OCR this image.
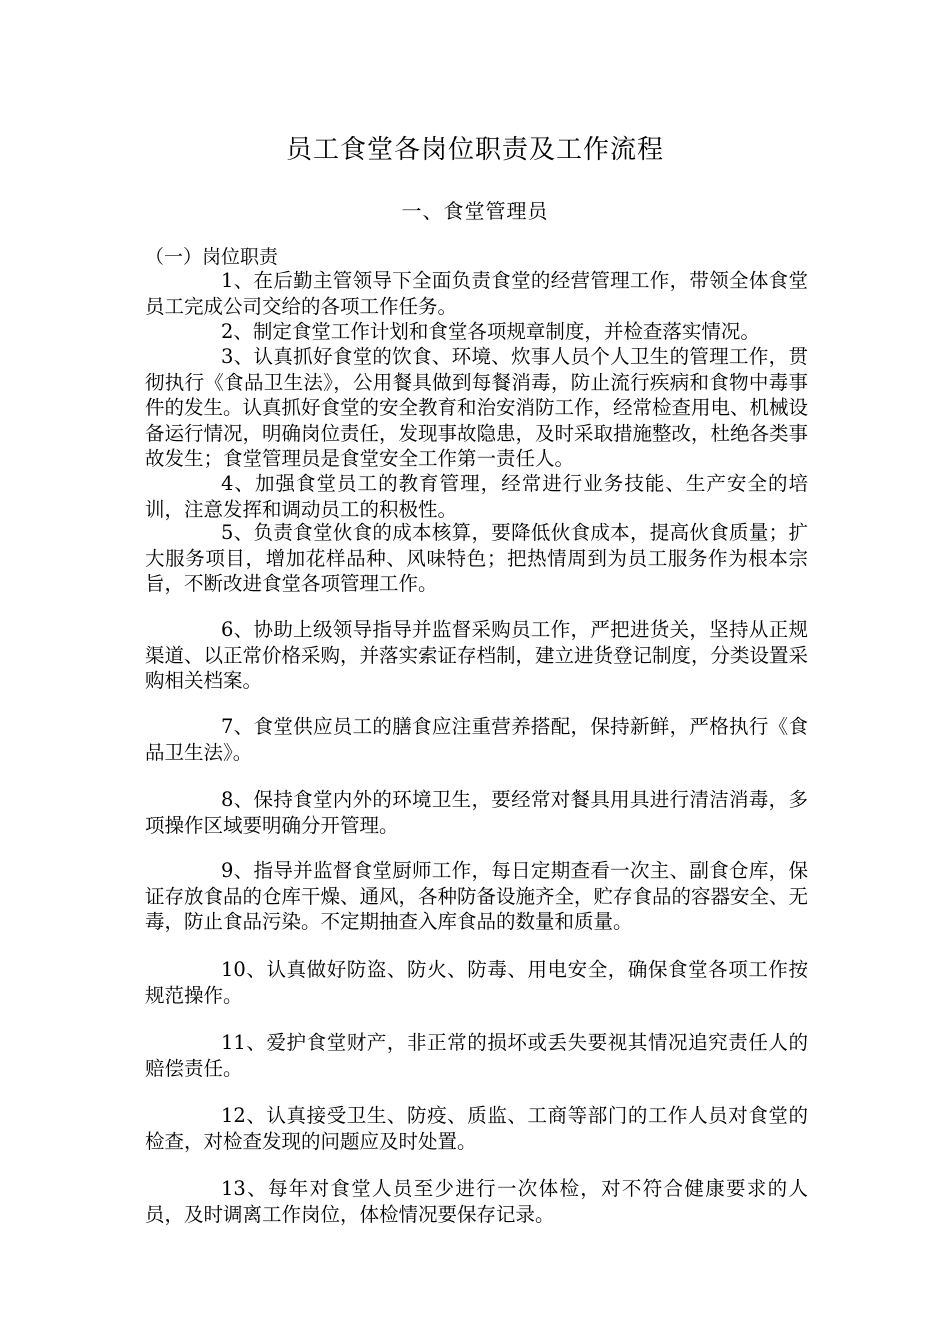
员工食堂各岗位职责及工作流程
一、食堂管理员
（一）岗位职责

1、在后勤主管领导下全面负责食堂的经营管理工作，带领全体食堂员工完成公司交给的各项工作任务。

2、制定食堂工作计划和食堂各项规章制度，并检查落实情况。

3、认真抓好食堂的饮食、环境、炊事人员个人卫生的管理工作，贯彻执行《食品卫生法》，公用餐具做到每餐消毒，防止流行疾病和食物中毒事件的发生。认真抓好食堂的安全教育和治安消防工作，经常检查用电、机械设备运行情况，明确岗位责任，发现事故隐患，及时采取措施整改，杜绝各类事故发生；食堂管理员是食堂安全工作第一责任人。

4、加强食堂员工的教育管理，经常进行业务技能、生产安全的培训，注意发挥和调动员工的积极性。

5、负责食堂伙食的成本核算，要降低伙食成本，提高伙食质量；扩大服务项目，增加花样品种、风味特色；把热情周到为员工服务作为根本宗旨，不断改进食堂各项管理工作。

6、协助上级领导指导并监督采购员工作，严把进货关，坚持从正规渠道、以正常价格采购，并落实索证存档制，建立进货登记制度，分类设置采购相关档案。

7、食堂供应员工的膳食应注重营养搭配，保持新鲜，严格执行《食品卫生法》。

8、保持食堂内外的环境卫生，要经常对餐具用具进行清洁消毒，多项操作区域要明确分开管理。

9、指导并监督食堂厨师工作，每日定期查看一次主、副食仓库，保证存放食品的仓库干燥、通风，各种防备设施齐全，贮存食品的容器安全、无毒，防止食品污染。不定期抽查入库食品的数量和质量。

10、认真做好防盗、防火、防毒、用电安全，确保食堂各项工作按规范操作。

11、爱护食堂财产，非正常的损坏或丢失要视其情况追究责任人的赔偿责任。

12、认真接受卫生、防疫、质监、工商等部门的工作人员对食堂的检查，对检查发现的问题应及时处置。

13、每年对食堂人员至少进行一次体检，对不符合健康要求的人员，及时调离工作岗位，体检情况要保存记录。
